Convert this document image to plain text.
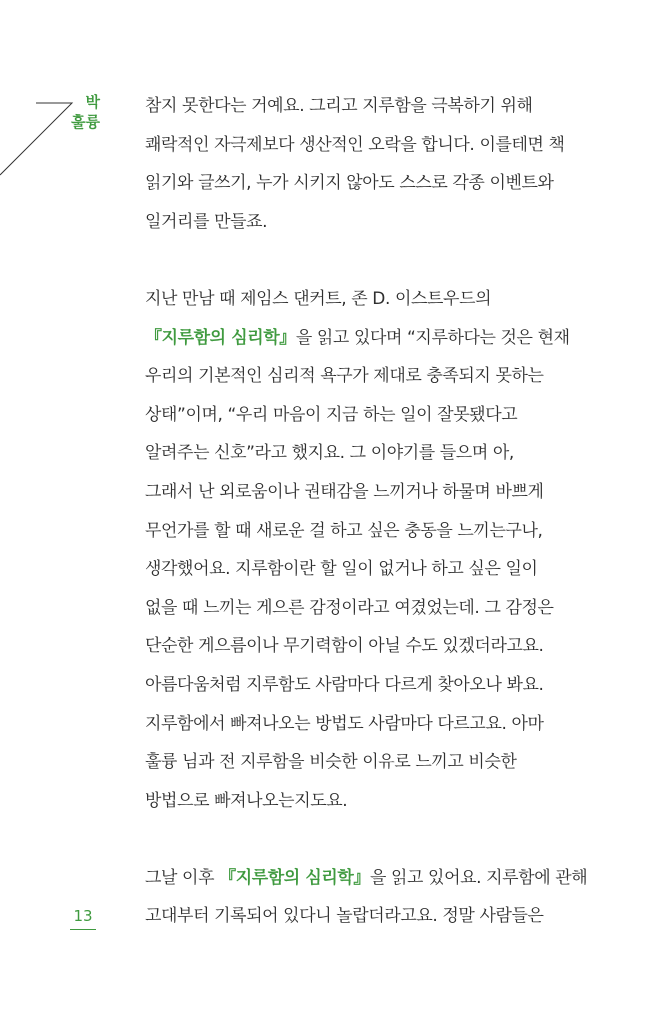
박
훌륭

참지 못한다는 거예요. 그리고 지루함을 극복하기 위해
쾌락적인 자극제보다 생산적인 오락을 합니다. 이를테면 책
읽기와 글쓰기, 누가 시키지 않아도 스스로 각종 이벤트와
일거리를 만들죠.

지난 만남 때 제임스 댄커트, 존 D. 이스트우드의
『지루함의 심리학』을 읽고 있다며 “지루하다는 것은 현재
우리의 기본적인 심리적 욕구가 제대로 충족되지 못하는
상태”이며, “우리 마음이 지금 하는 일이 잘못됐다고
알려주는 신호”라고 했지요. 그 이야기를 들으며 아,
그래서 난 외로움이나 권태감을 느끼거나 하물며 바쁘게
무언가를 할 때 새로운 걸 하고 싶은 충동을 느끼는구나,
생각했어요. 지루함이란 할 일이 없거나 하고 싶은 일이
없을 때 느끼는 게으른 감정이라고 여겼었는데. 그 감정은
단순한 게으름이나 무기력함이 아닐 수도 있겠더라고요.
아름다움처럼 지루함도 사람마다 다르게 찾아오나 봐요.
지루함에서 빠져나오는 방법도 사람마다 다르고요. 아마
훌륭 님과 전 지루함을 비슷한 이유로 느끼고 비슷한
방법으로 빠져나오는지도요.

그날 이후 『지루함의 심리학』을 읽고 있어요. 지루함에 관해
고대부터 기록되어 있다니 놀랍더라고요. 정말 사람들은

13
